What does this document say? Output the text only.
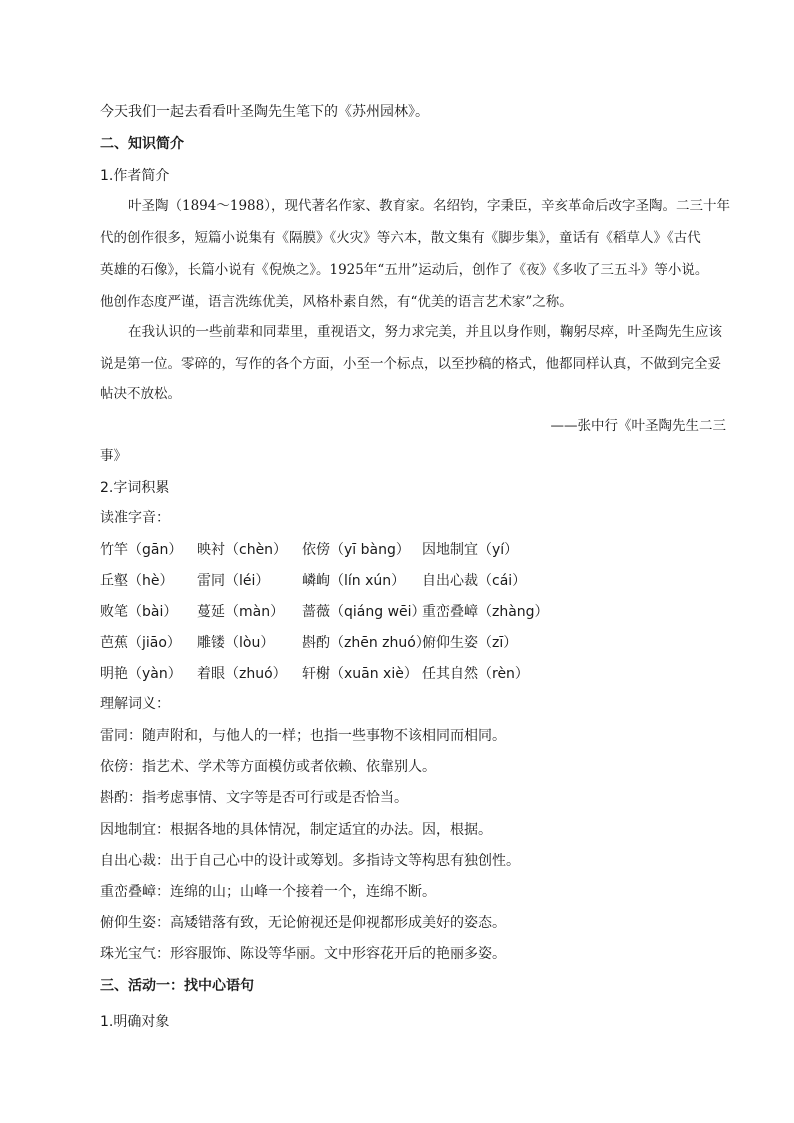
今天我们一起去看看叶圣陶先生笔下的《苏州园林》。
二、知识简介
1.作者简介
叶圣陶（1894～1988），现代著名作家、教育家。名绍钧，字秉臣，辛亥革命后改字圣陶。二三十年
代的创作很多，短篇小说集有《隔膜》《火灾》等六本，散文集有《脚步集》，童话有《稻草人》《古代
英雄的石像》，长篇小说有《倪焕之》。1925年“五卅”运动后，创作了《夜》《多收了三五斗》等小说。
他创作态度严谨，语言洗练优美，风格朴素自然，有“优美的语言艺术家”之称。
在我认识的一些前辈和同辈里，重视语文，努力求完美，并且以身作则，鞠躬尽瘁，叶圣陶先生应该
说是第一位。零碎的，写作的各个方面，小至一个标点，以至抄稿的格式，他都同样认真，不做到完全妥
帖决不放松。
——张中行《叶圣陶先生二三
事》
2.字词积累
读准字音：
竹竿（gān） 映衬（chèn） 依傍（yī bàng） 因地制宜（yí）
丘壑（hè） 雷同（léi） 嶙峋（lín xún） 自出心裁（cái）
败笔（bài） 蔓延（màn） 蔷薇（qiáng wēi）
重峦叠嶂（zhàng）
芭蕉（jiāo） 雕镂（lòu） 斟酌（zhēn zhuó）
俯仰生姿（zī）
明艳（yàn） 着眼（zhuó） 轩榭（xuān xiè） 任其自然（rèn）
理解词义：
雷同：随声附和，与他人的一样；也指一些事物不该相同而相同。
依傍：指艺术、学术等方面模仿或者依赖、依靠别人。
斟酌：指考虑事情、文字等是否可行或是否恰当。
因地制宜：根据各地的具体情况，制定适宜的办法。因，根据。
自出心裁：出于自己心中的设计或筹划。多指诗文等构思有独创性。
重峦叠嶂：连绵的山；山峰一个接着一个，连绵不断。
俯仰生姿：高矮错落有致，无论俯视还是仰视都形成美好的姿态。
珠光宝气：形容服饰、陈设等华丽。文中形容花开后的艳丽多姿。
三、活动一：找中心语句
1.明确对象
